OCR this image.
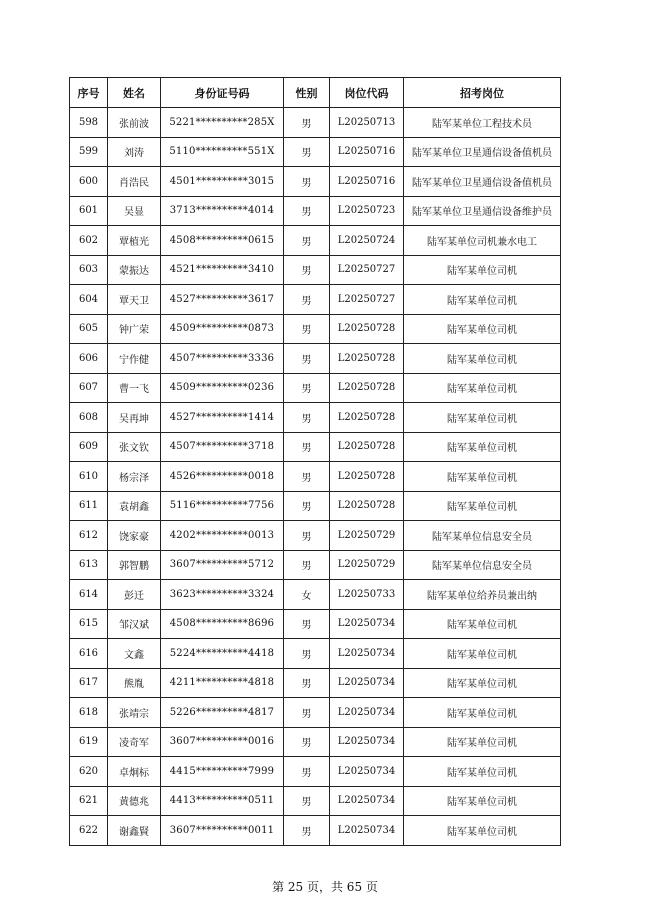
序号	姓名	身份证号码	性别	岗位代码	招考岗位
598	张前波	5221**********285X	男	L20250713	陆军某单位工程技术员
599	刘涛	5110**********551X	男	L20250716	陆军某单位卫星通信设备值机员
600	肖浩民	4501**********3015	男	L20250716	陆军某单位卫星通信设备值机员
601	吴显	3713**********4014	男	L20250723	陆军某单位卫星通信设备维护员
602	覃植光	4508**********0615	男	L20250724	陆军某单位司机兼水电工
603	蒙振达	4521**********3410	男	L20250727	陆军某单位司机
604	覃天卫	4527**********3617	男	L20250727	陆军某单位司机
605	钟广荣	4509**********0873	男	L20250728	陆军某单位司机
606	宁作健	4507**********3336	男	L20250728	陆军某单位司机
607	曹一飞	4509**********0236	男	L20250728	陆军某单位司机
608	吴再坤	4527**********1414	男	L20250728	陆军某单位司机
609	张文钦	4507**********3718	男	L20250728	陆军某单位司机
610	杨宗泽	4526**********0018	男	L20250728	陆军某单位司机
611	袁胡鑫	5116**********7756	男	L20250728	陆军某单位司机
612	饶家豪	4202**********0013	男	L20250729	陆军某单位信息安全员
613	郭智鹏	3607**********5712	男	L20250729	陆军某单位信息安全员
614	彭迁	3623**********3324	女	L20250733	陆军某单位给养员兼出纳
615	邹汉斌	4508**********8696	男	L20250734	陆军某单位司机
616	文鑫	5224**********4418	男	L20250734	陆军某单位司机
617	熊胤	4211**********4818	男	L20250734	陆军某单位司机
618	张靖宗	5226**********4817	男	L20250734	陆军某单位司机
619	凌奇军	3607**********0016	男	L20250734	陆军某单位司机
620	卓炯标	4415**********7999	男	L20250734	陆军某单位司机
621	黄德兆	4413**********0511	男	L20250734	陆军某单位司机
622	谢鑫賢	3607**********0011	男	L20250734	陆军某单位司机
第 25 页，共 65 页
